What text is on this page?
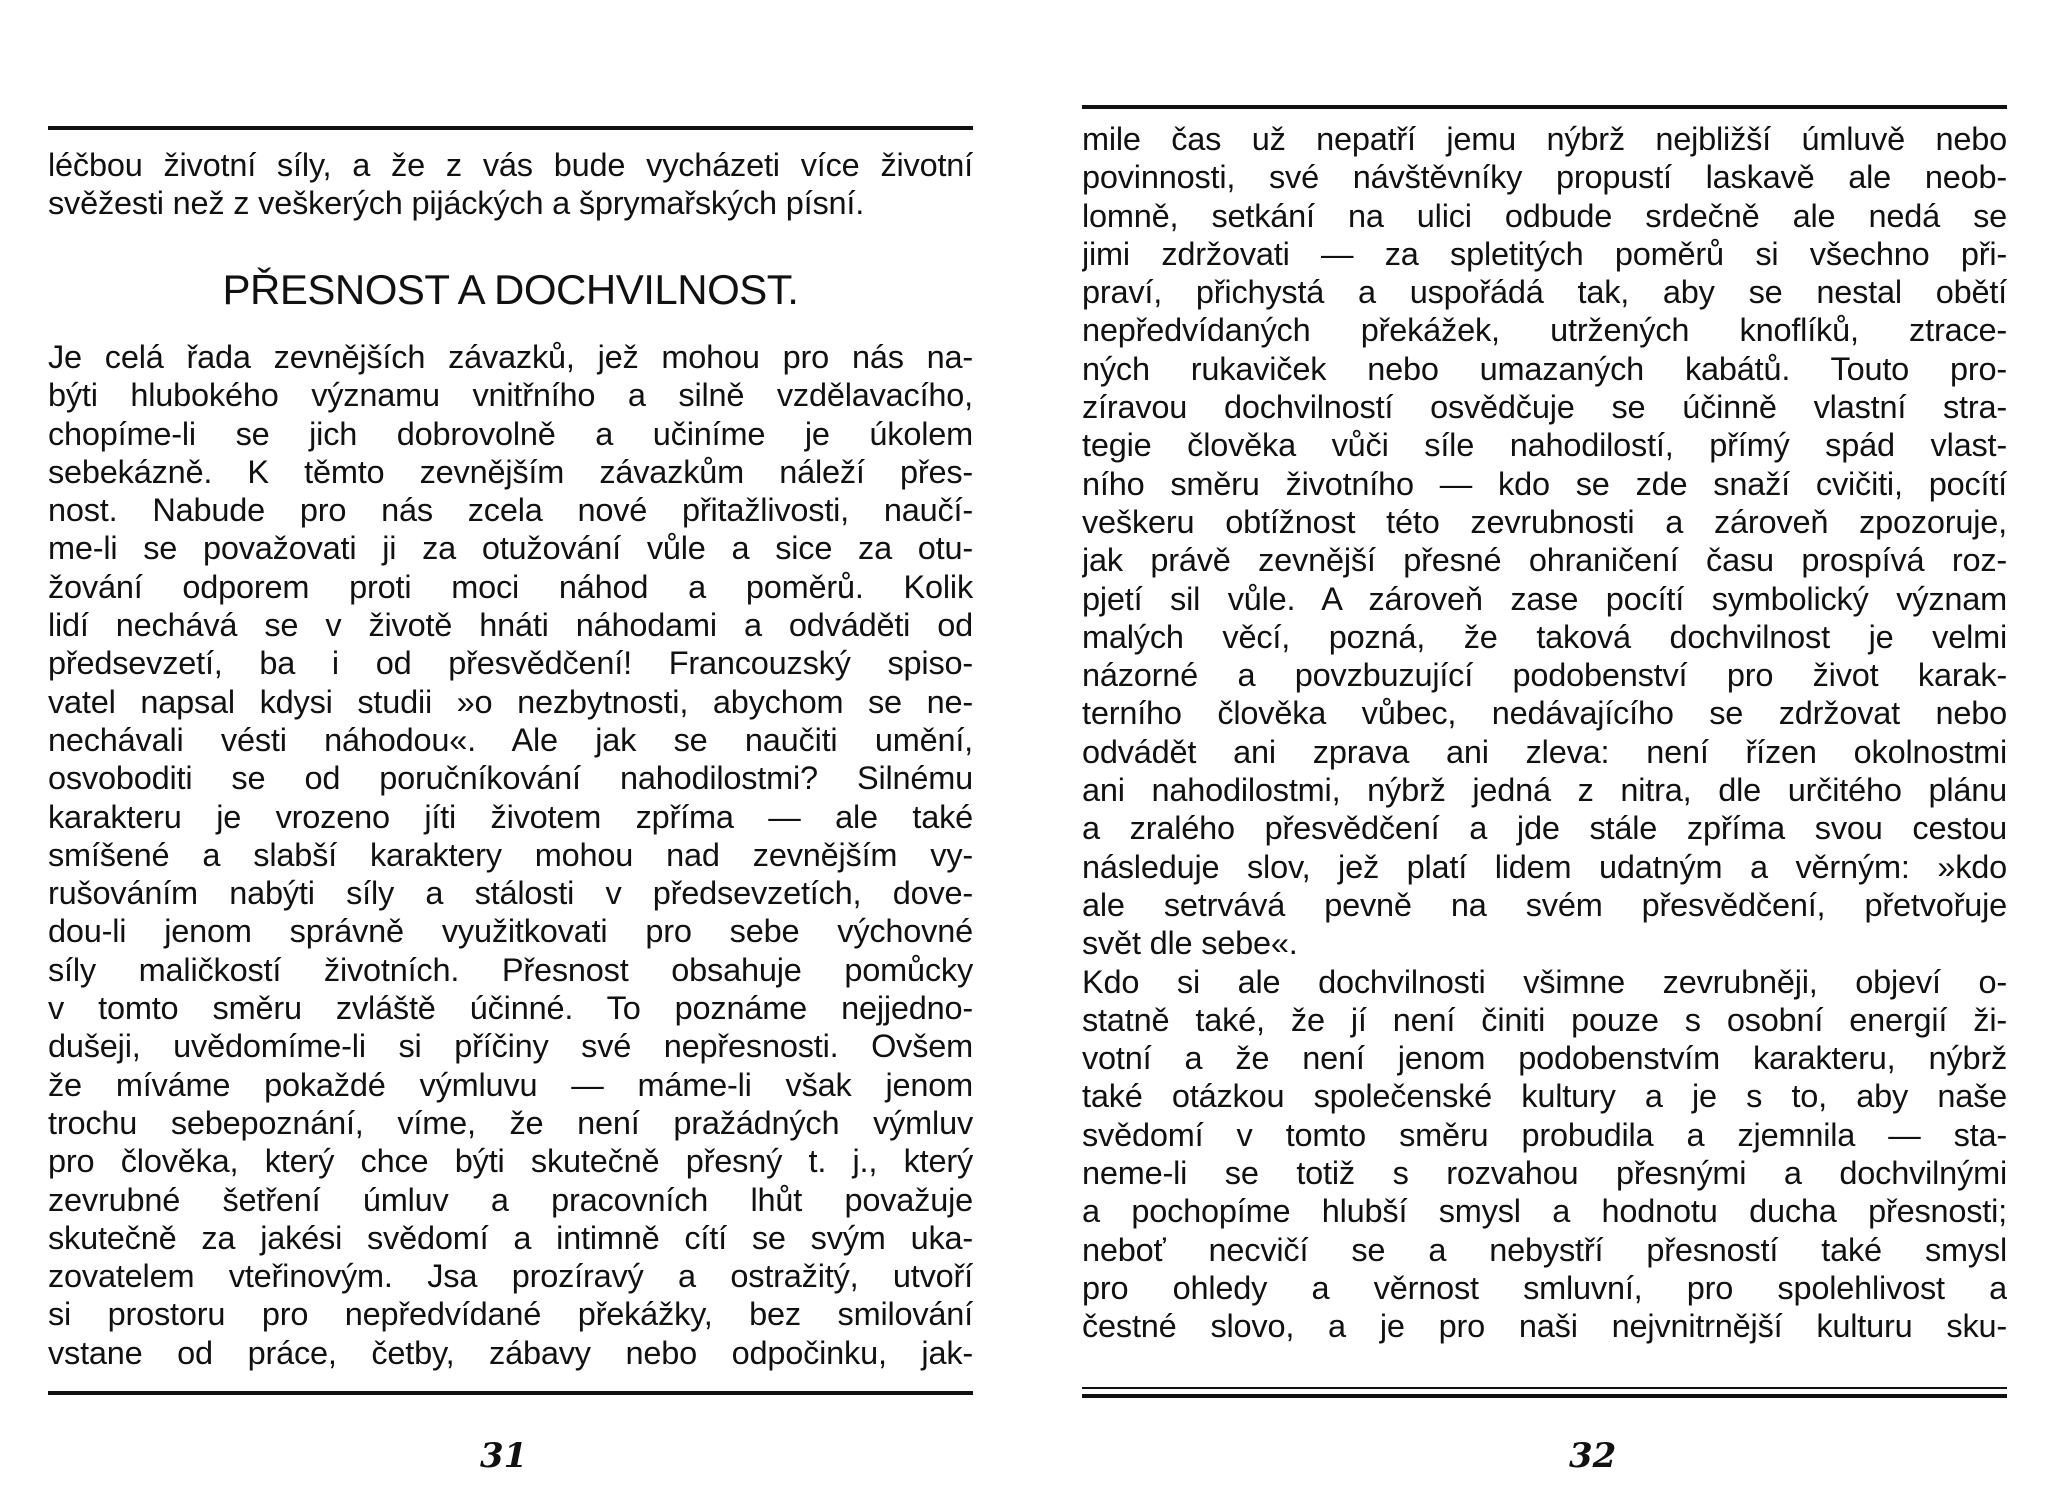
léčbou životní síly, a že z vás bude vycházeti více životní
svěžesti než z veškerých pijáckých a šprymařských písní.
PŘESNOST A DOCHVILNOST.
Je celá řada zevnějších závazků, jež mohou pro nás na-
býti hlubokého významu vnitřního a silně vzdělavacího,
chopíme-li se jich dobrovolně a učiníme je úkolem
sebekázně. K těmto zevnějším závazkům náleží přes-
nost. Nabude pro nás zcela nové přitažlivosti, naučí-
me-li se považovati ji za otužování vůle a sice za otu-
žování odporem proti moci náhod a poměrů. Kolik
lidí nechává se v životě hnáti náhodami a odváděti od
předsevzetí, ba i od přesvědčení! Francouzský spiso-
vatel napsal kdysi studii »o nezbytnosti, abychom se ne-
nechávali vésti náhodou«. Ale jak se naučiti umění,
osvoboditi se od poručníkování nahodilostmi? Silnému
karakteru je vrozeno jíti životem zpříma — ale také
smíšené a slabší karaktery mohou nad zevnějším vy-
rušováním nabýti síly a stálosti v předsevzetích, dove-
dou-li jenom správně využitkovati pro sebe výchovné
síly maličkostí životních. Přesnost obsahuje pomůcky
v tomto směru zvláště účinné. To poznáme nejjedno-
dušeji, uvědomíme-li si příčiny své nepřesnosti. Ovšem
že míváme pokaždé výmluvu — máme-li však jenom
trochu sebepoznání, víme, že není pražádných výmluv
pro člověka, který chce býti skutečně přesný t. j., který
zevrubné šetření úmluv a pracovních lhůt považuje
skutečně za jakési svědomí a intimně cítí se svým uka-
zovatelem vteřinovým. Jsa prozíravý a ostražitý, utvoří
si prostoru pro nepředvídané překážky, bez smilování
vstane od práce, četby, zábavy nebo odpočinku, jak-
31
mile čas už nepatří jemu nýbrž nejbližší úmluvě nebo
povinnosti, své návštěvníky propustí laskavě ale neob-
lomně, setkání na ulici odbude srdečně ale nedá se
jimi zdržovati — za spletitých poměrů si všechno při-
praví, přichystá a uspořádá tak, aby se nestal obětí
nepředvídaných překážek, utržených knoflíků, ztrace-
ných rukaviček nebo umazaných kabátů. Touto pro-
zíravou dochvilností osvědčuje se účinně vlastní stra-
tegie člověka vůči síle nahodilostí, přímý spád vlast-
ního směru životního — kdo se zde snaží cvičiti, pocítí
veškeru obtížnost této zevrubnosti a zároveň zpozoruje,
jak právě zevnější přesné ohraničení času prospívá roz-
pjetí sil vůle. A zároveň zase pocítí symbolický význam
malých věcí, pozná, že taková dochvilnost je velmi
názorné a povzbuzující podobenství pro život karak-
terního člověka vůbec, nedávajícího se zdržovat nebo
odvádět ani zprava ani zleva: není řízen okolnostmi
ani nahodilostmi, nýbrž jedná z nitra, dle určitého plánu
a zralého přesvědčení a jde stále zpříma svou cestou
následuje slov, jež platí lidem udatným a věrným: »kdo
ale setrvává pevně na svém přesvědčení, přetvořuje
svět dle sebe«.
Kdo si ale dochvilnosti všimne zevrubněji, objeví o-
statně také, že jí není činiti pouze s osobní energií ži-
votní a že není jenom podobenstvím karakteru, nýbrž
také otázkou společenské kultury a je s to, aby naše
svědomí v tomto směru probudila a zjemnila — sta-
neme-li se totiž s rozvahou přesnými a dochvilnými
a pochopíme hlubší smysl a hodnotu ducha přesnosti;
neboť necvičí se a nebystří přesností také smysl
pro ohledy a věrnost smluvní, pro spolehlivost a
čestné slovo, a je pro naši nejvnitrnější kulturu sku-
32
